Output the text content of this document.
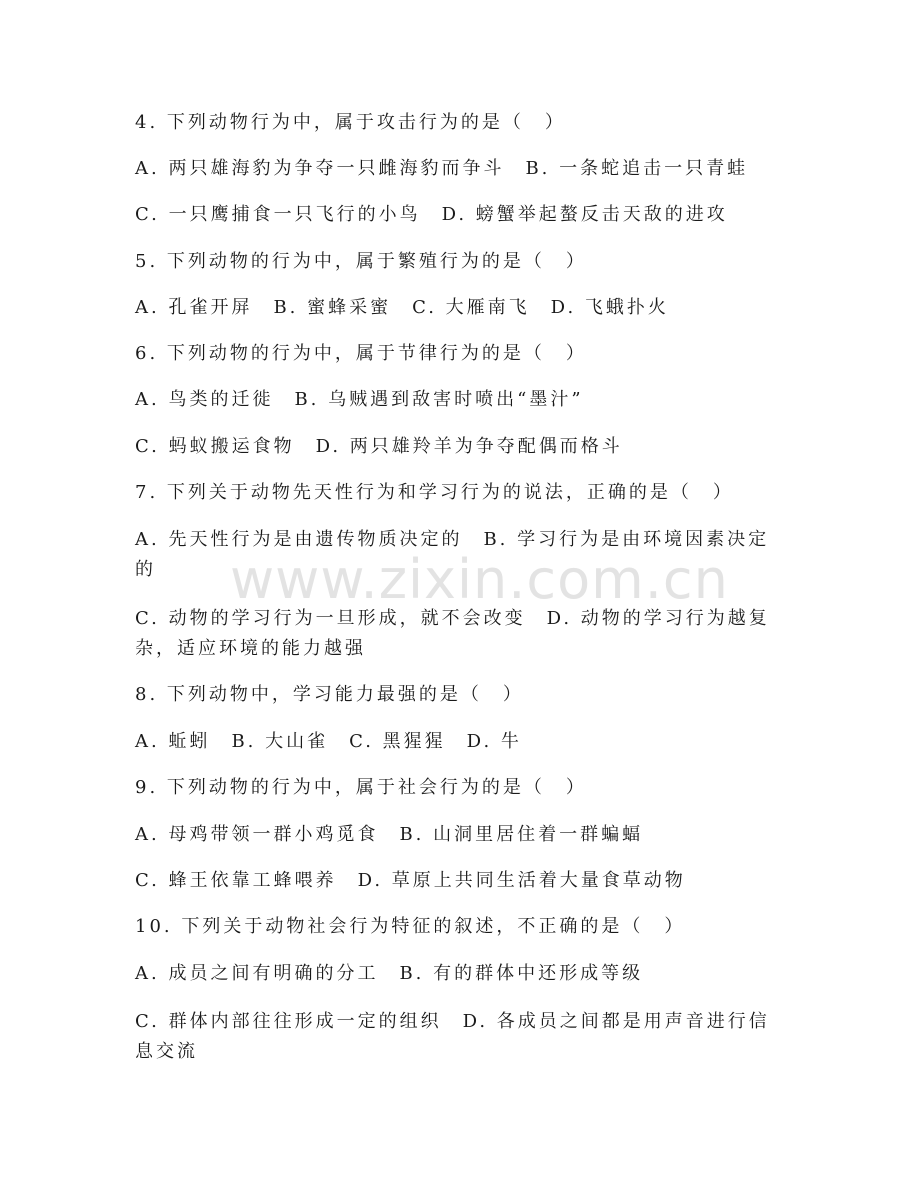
www.zixin.com.cn
4. 下列动物行为中，属于攻击行为的是（　）
A. 两只雄海豹为争夺一只雌海豹而争斗　B. 一条蛇追击一只青蛙
C. 一只鹰捕食一只飞行的小鸟　D. 螃蟹举起螯反击天敌的进攻
5. 下列动物的行为中，属于繁殖行为的是（　）
A. 孔雀开屏　B. 蜜蜂采蜜　C. 大雁南飞　D. 飞蛾扑火
6. 下列动物的行为中，属于节律行为的是（　）
A. 鸟类的迁徙　B. 乌贼遇到敌害时喷出“墨汁”
C. 蚂蚁搬运食物　D. 两只雄羚羊为争夺配偶而格斗
7. 下列关于动物先天性行为和学习行为的说法，正确的是（　）
A. 先天性行为是由遗传物质决定的　B. 学习行为是由环境因素决定的
C. 动物的学习行为一旦形成，就不会改变　D. 动物的学习行为越复杂，适应环境的能力越强
8. 下列动物中，学习能力最强的是（　）
A. 蚯蚓　B. 大山雀　C. 黑猩猩　D. 牛
9. 下列动物的行为中，属于社会行为的是（　）
A. 母鸡带领一群小鸡觅食　B. 山洞里居住着一群蝙蝠
C. 蜂王依靠工蜂喂养　D. 草原上共同生活着大量食草动物
10. 下列关于动物社会行为特征的叙述，不正确的是（　）
A. 成员之间有明确的分工　B. 有的群体中还形成等级
C. 群体内部往往形成一定的组织　D. 各成员之间都是用声音进行信息交流
